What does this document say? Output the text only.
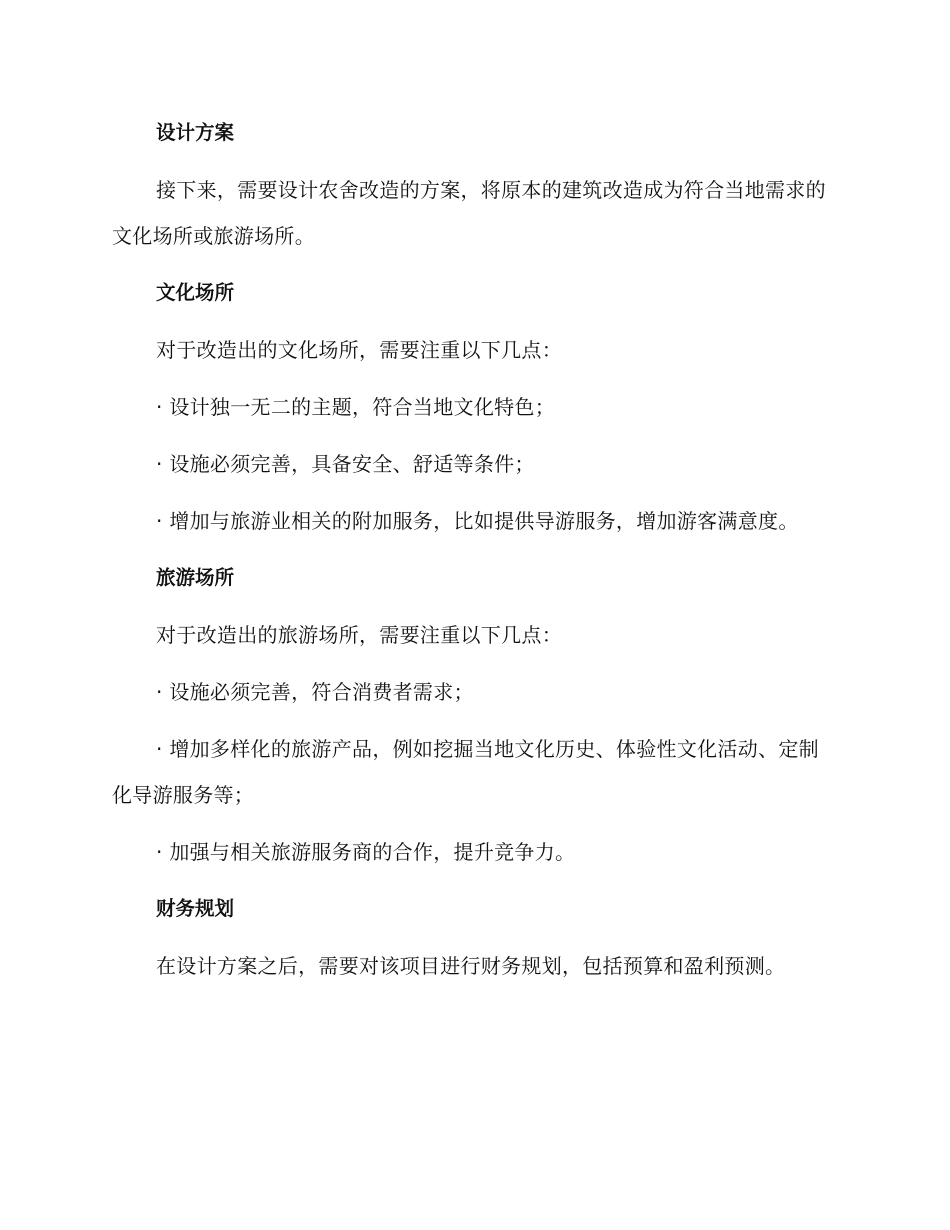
设计方案

接下来，需要设计农舍改造的方案，将原本的建筑改造成为符合当地需求的文化场所或旅游场所。

文化场所

对于改造出的文化场所，需要注重以下几点：

· 设计独一无二的主题，符合当地文化特色；

· 设施必须完善，具备安全、舒适等条件；

· 增加与旅游业相关的附加服务，比如提供导游服务，增加游客满意度。

旅游场所

对于改造出的旅游场所，需要注重以下几点：

· 设施必须完善，符合消费者需求；

· 增加多样化的旅游产品，例如挖掘当地文化历史、体验性文化活动、定制化导游服务等；

· 加强与相关旅游服务商的合作，提升竞争力。

财务规划

在设计方案之后，需要对该项目进行财务规划，包括预算和盈利预测。
